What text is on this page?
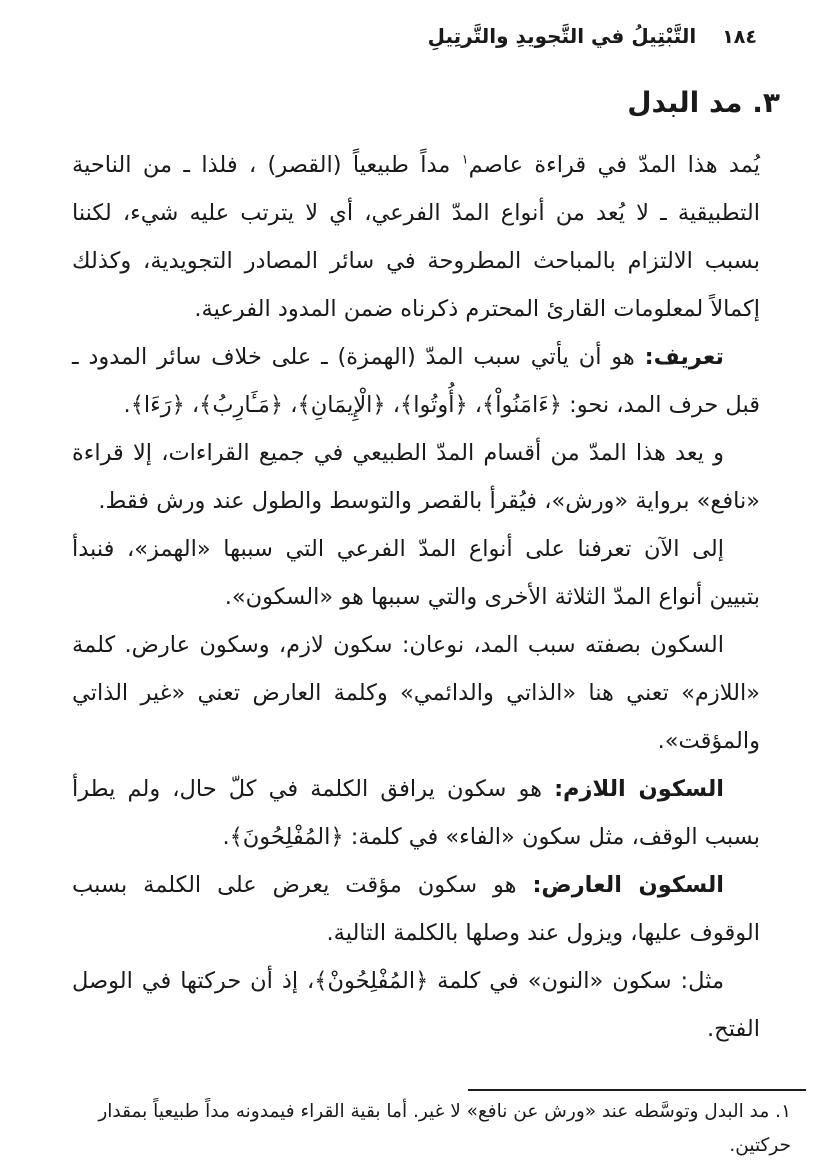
١٨٤
التَّبْتِيلُ في التَّجويدِ والتَّرتِيلِ
٣. مد البدل

يُمد هذا المدّ في قراءة عاصم$^١$ مداً طبيعياً (القصر) ، فلذا ـ من الناحية التطبيقية ـ لا يُعد من أنواع المدّ الفرعي، أي لا يترتب عليه شيء، لكننا بسبب الالتزام بالمباحث المطروحة في سائر المصادر التجويدية، وكذلك إكمالاً لمعلومات القارئ المحترم ذكرناه ضمن المدود الفرعية.

تعريف: هو أن يأتي سبب المدّ (الهمزة) ـ على خلاف سائر المدود ـ قبل حرف المد، نحو: ﴿ءَامَنُواْ﴾، ﴿أُوتُوا﴾، ﴿الْإِيمَانِ﴾، ﴿مَـَٔارِبُ﴾، ﴿رَءَا﴾.

و يعد هذا المدّ من أقسام المدّ الطبيعي في جميع القراءات، إلا قراءة «نافع» برواية «ورش»، فيُقرأ بالقصر والتوسط والطول عند ورش فقط.

إلى الآن تعرفنا على أنواع المدّ الفرعي التي سببها «الهمز»، فنبدأ بتبيين أنواع المدّ الثلاثة الأخرى والتي سببها هو «السكون».

السكون بصفته سبب المد، نوعان: سكون لازم، وسكون عارض. كلمة «اللازم» تعني هنا «الذاتي والدائمي» وكلمة العارض تعني «غير الذاتي والمؤقت».

السكون اللازم: هو سكون يرافق الكلمة في كلّ حال، ولم يطرأ بسبب الوقف، مثل سكون «الفاء» في كلمة: ﴿المُفْلِحُونَ﴾.

السكون العارض: هو سكون مؤقت يعرض على الكلمة بسبب الوقوف عليها، ويزول عند وصلها بالكلمة التالية.

مثل: سكون «النون» في كلمة ﴿المُفْلِحُونْ﴾، إذ أن حركتها في الوصل الفتح.

١. مد البدل وتوسَّطه عند «ورش عن نافع» لا غير. أما بقية القراء فيمدونه مداً طبيعياً بمقدار حركتين.
